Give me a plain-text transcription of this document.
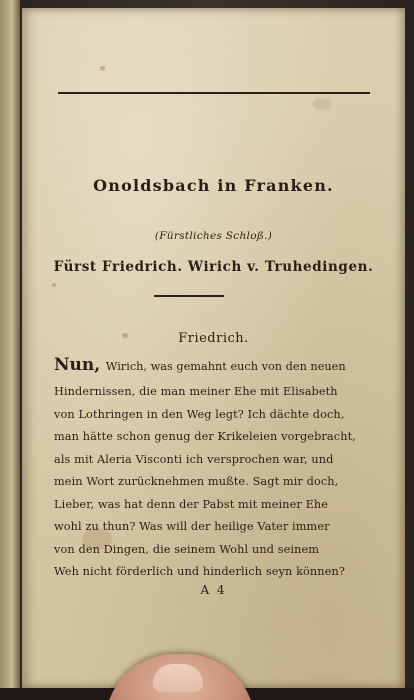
Onoldsbach in Franken.
(Fürstliches Schloß.)
Fürst Friedrich. Wirich v. Truhedingen.
Friedrich.
Nun, Wirich, was gemahnt euch von den neuen
Hindernissen, die man meiner Ehe mit Elisabeth
von Lothringen in den Weg legt? Ich dächte doch,
man hätte schon genug der Krikeleien vorgebracht,
als mit Aleria Visconti ich versprochen war, und
mein Wort zurücknehmen mußte. Sagt mir doch,
Lieber, was hat denn der Pabst mit meiner Ehe
wohl zu thun? Was will der heilige Vater immer
von den Dingen, die seinem Wohl und seinem
Weh nicht förderlich und hinderlich seyn können?
A 4
